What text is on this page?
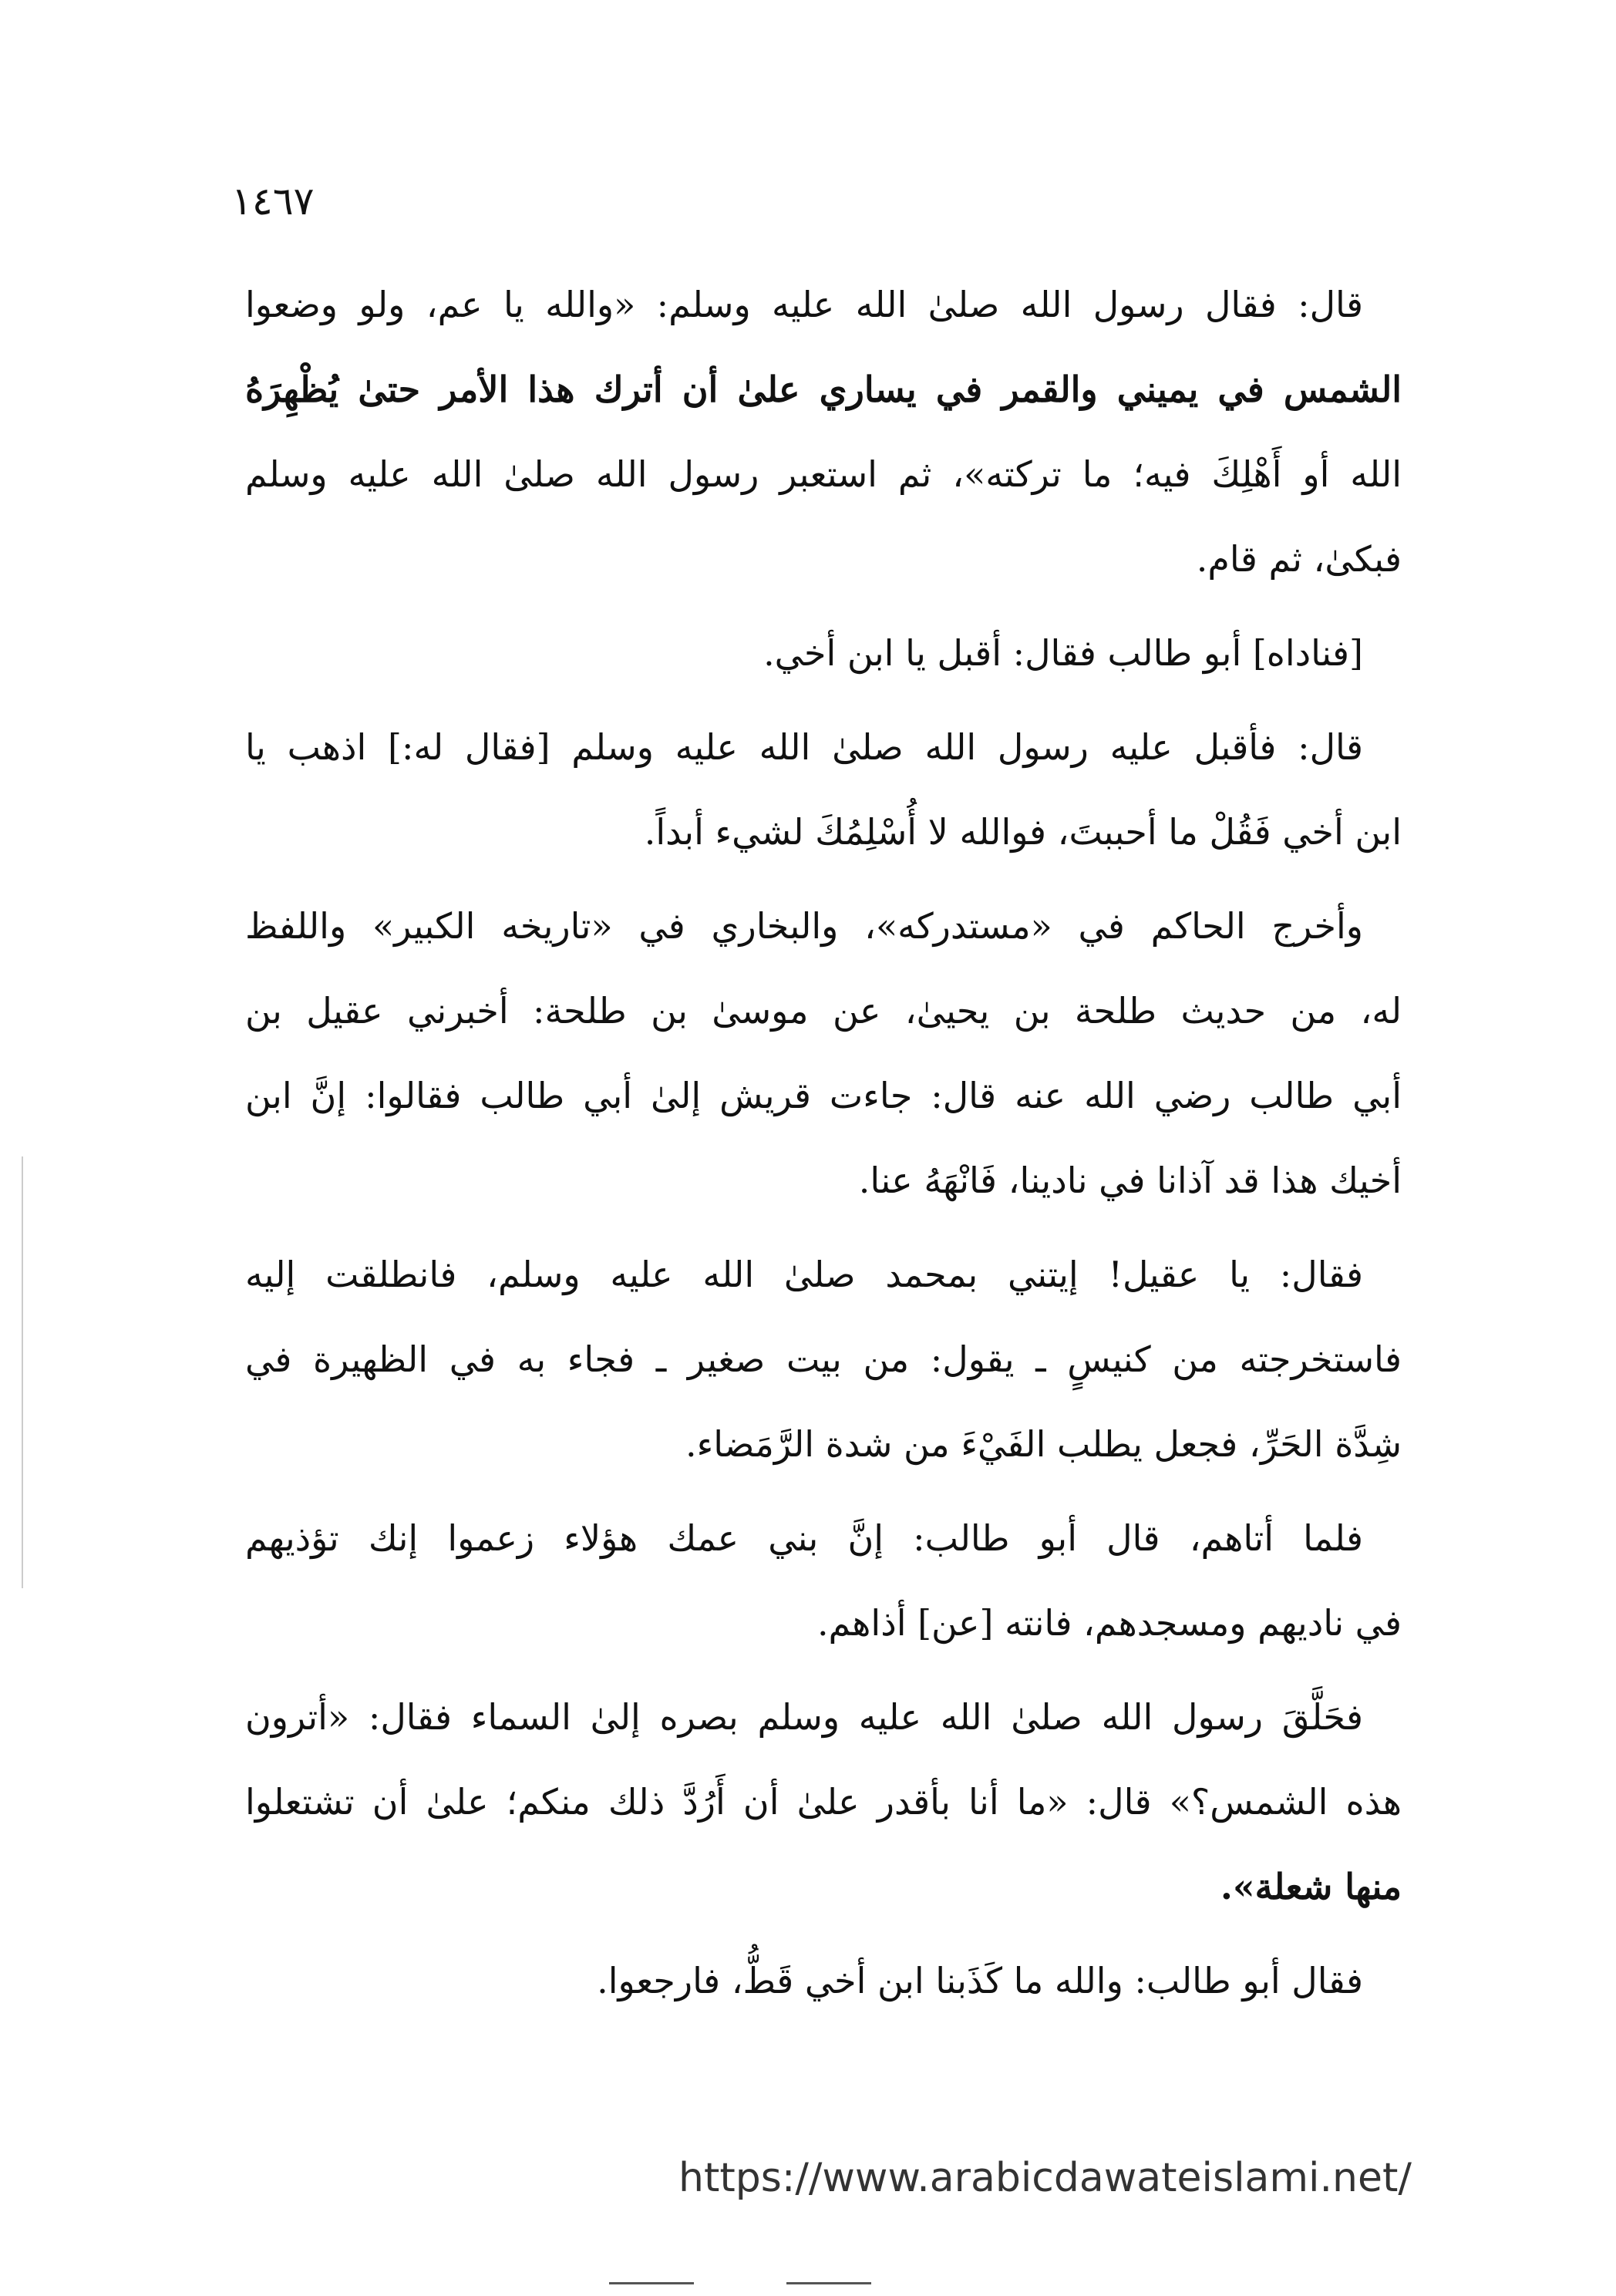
١٤٦٧
قال: فقال رسول الله صلىٰ الله عليه وسلم: «والله يا عم، ولو وضعوا
الشمس في يميني والقمر في يساري علىٰ أن أترك هذا الأمر حتىٰ يُظْهِرَهُ
الله أو أَهْلِكَ فيه؛ ما تركته»، ثم استعبر رسول الله صلىٰ الله عليه وسلم
فبكىٰ، ثم قام.
[فناداه] أبو طالب فقال: أقبل يا ابن أخي.
قال: فأقبل عليه رسول الله صلىٰ الله عليه وسلم [فقال له:] اذهب يا
ابن أخي فَقُلْ ما أحببتَ، فوالله لا أُسْلِمُكَ لشيء أبداً.
وأخرج الحاكم في «مستدركه»، والبخاري في «تاريخه الكبير» واللفظ
له، من حديث طلحة بن يحيىٰ، عن موسىٰ بن طلحة: أخبرني عقيل بن
أبي طالب رضي الله عنه قال: جاءت قريش إلىٰ أبي طالب فقالوا: إنَّ ابن
أخيك هذا قد آذانا في نادينا، فَانْهَهُ عنا.
فقال: يا عقيل! إيتني بمحمد صلىٰ الله عليه وسلم، فانطلقت إليه
فاستخرجته من كنيسٍ ـ يقول: من بيت صغير ـ فجاء به في الظهيرة في
شِدَّة الحَرِّ، فجعل يطلب الفَيْءَ من شدة الرَّمَضاء.
فلما أتاهم، قال أبو طالب: إنَّ بني عمك هؤلاء زعموا إنك تؤذيهم
في ناديهم ومسجدهم، فانته [عن] أذاهم.
فحَلَّقَ رسول الله صلىٰ الله عليه وسلم بصره إلىٰ السماء فقال: «أترون
هذه الشمس؟» قال: «ما أنا بأقدر علىٰ أن أَرُدَّ ذلك منكم؛ علىٰ أن تشتعلوا
منها شعلة».
فقال أبو طالب: والله ما كَذَبنا ابن أخي قَطُّ، فارجعوا.
https://www.arabicdawateislami.net/
